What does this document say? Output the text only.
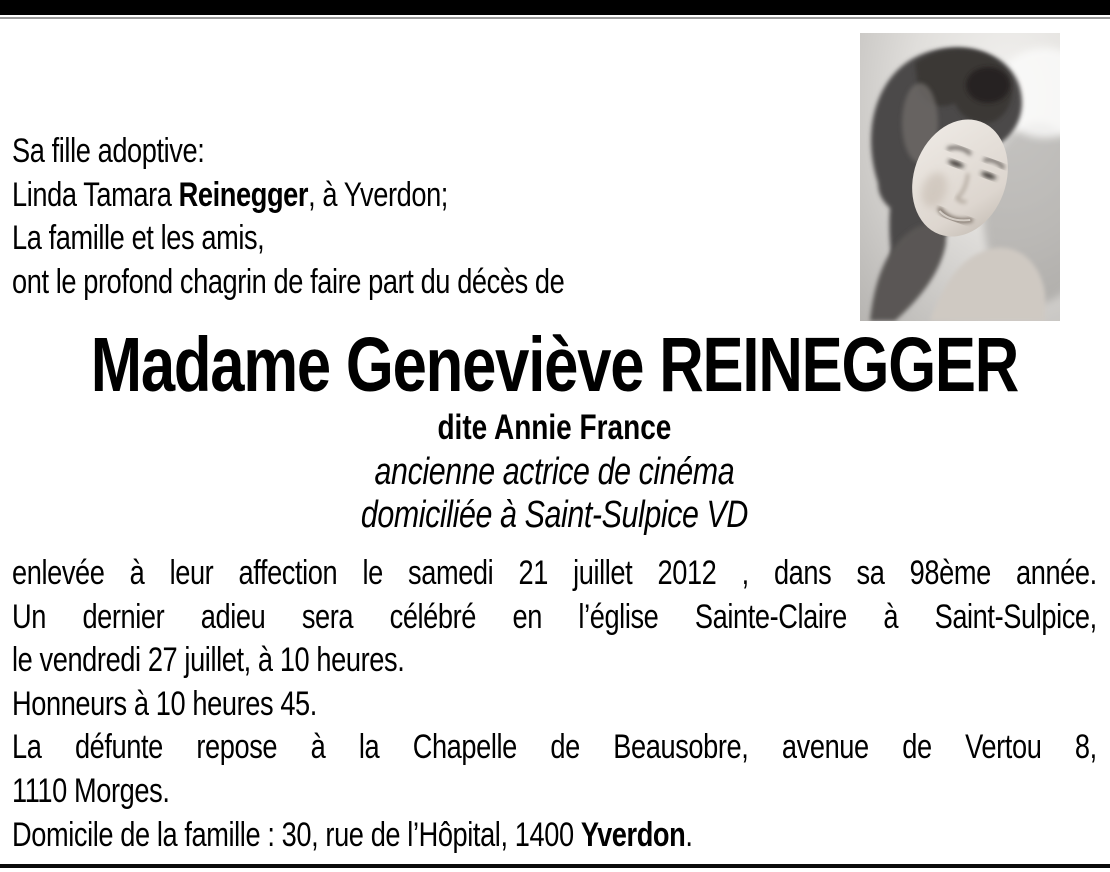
Sa fille adoptive:
Linda Tamara Reinegger, à Yverdon;
La famille et les amis,
ont le profond chagrin de faire part du décès de
Madame Geneviève REINEGGER
dite Annie France
ancienne actrice de cinéma
domiciliée à Saint-Sulpice VD
enlevée à leur affection le samedi 21 juillet 2012 , dans sa 98ème année.
Un dernier adieu sera célébré en l’église Sainte-Claire à Saint-Sulpice,
le vendredi 27 juillet, à 10 heures.
Honneurs à 10 heures 45.
La défunte repose à la Chapelle de Beausobre, avenue de Vertou 8,
1110 Morges.
Domicile de la famille : 30, rue de l’Hôpital, 1400 Yverdon.
